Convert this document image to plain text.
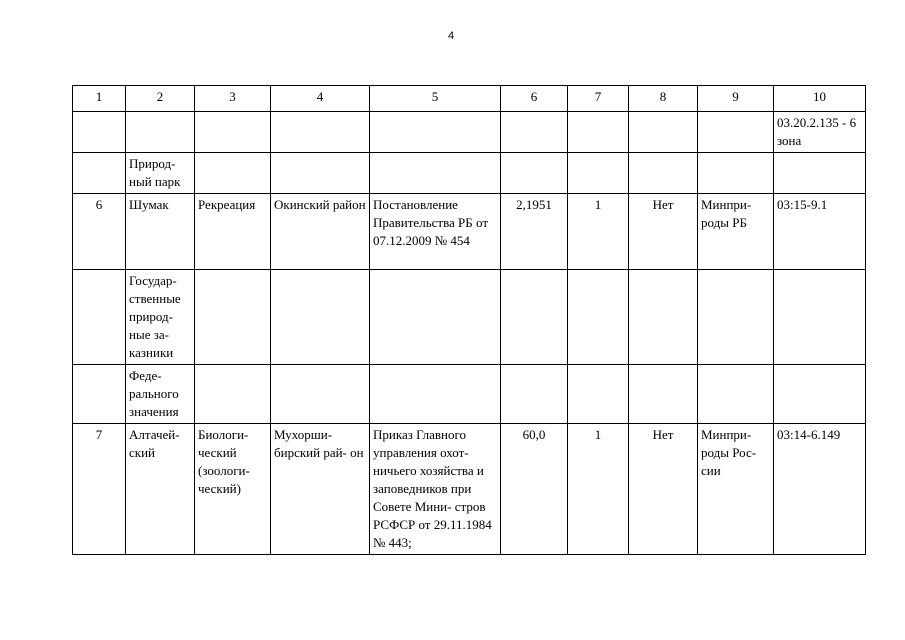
4
1	2	3	4	5	6	7	8	9	10
									03.20.2.135 - 6 зона
	Природ- ный парк								
6	Шумак	Рекреация	Окинский район	Постановление Правительства РБ от 07.12.2009 № 454	2,1951	1	Нет	Минпри- роды РБ	03:15-9.1
	Государ- ственные природ- ные за- казники								
	Феде- рального значения								
7	Алтачей- ский	Биологи- ческий (зоологи- ческий)	Мухорши- бирский рай- он	Приказ Главного управления охот- ничьего хозяйства и заповедников при Совете Мини- стров РСФСР от 29.11.1984 № 443;	60,0	1	Нет	Минпри- роды Рос- сии	03:14-6.149
